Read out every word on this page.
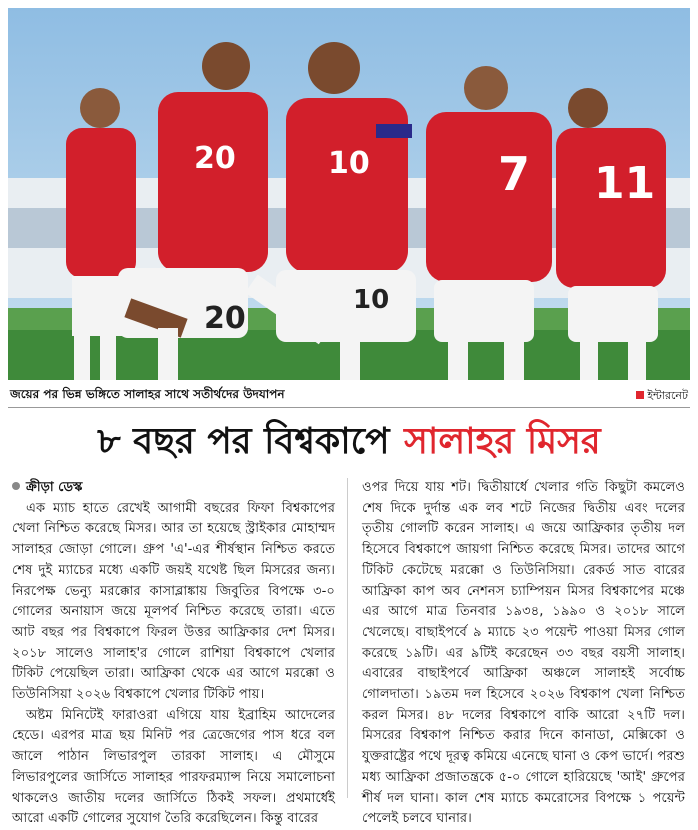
20
20
10
10
7 11
জয়ের পর ভিন্ন ভঙ্গিতে সালাহর সাথে সতীর্থদের উদযাপন	ইন্টারনেট
৮ বছর পর বিশ্বকাপে সালাহর মিসর
ক্রীড়া ডেস্ক

এক ম্যাচ হাতে রেখেই আগামী বছরের ফিফা বিশ্বকাপের খেলা নিশ্চিত করেছে মিসর। আর তা হয়েছে স্ট্রাইকার মোহাম্মদ সালাহর জোড়া গোলে। গ্রুপ 'এ'-এর শীর্ষস্থান নিশ্চিত করতে শেষ দুই ম্যাচের মধ্যে একটি জয়ই যথেষ্ট ছিল মিসরের জন্য। নিরপেক্ষ ভেন্যু মরক্কোর কাসাব্লাঙ্কায় জিবুতির বিপক্ষে ৩-০ গোলের অনায়াস জয়ে মূলপর্ব নিশ্চিত করেছে তারা। এতে আট বছর পর বিশ্বকাপে ফিরল উত্তর আফ্রিকার দেশ মিসর। ২০১৮ সালেও সালাহ'র গোলে রাশিয়া বিশ্বকাপে খেলার টিকিট পেয়েছিল তারা। আফ্রিকা থেকে এর আগে মরক্কো ও তিউনিসিয়া ২০২৬ বিশ্বকাপে খেলার টিকিট পায়।

অষ্টম মিনিটেই ফারাওরা এগিয়ে যায় ইব্রাহিম আদেলের হেডে। এরপর মাত্র ছয় মিনিট পর ত্রেজেগের পাস ধরে বল জালে পাঠান লিভারপুল তারকা সালাহ। এ মৌসুমে লিভারপুলের জার্সিতে সালাহর পারফরম্যান্স নিয়ে সমালোচনা থাকলেও জাতীয় দলের জার্সিতে ঠিকই সফল। প্রথমার্ধেই আরো একটি গোলের সুযোগ তৈরি করেছিলেন। কিন্তু বারের

ওপর দিয়ে যায় শট। দ্বিতীয়ার্ধে খেলার গতি কিছুটা কমলেও শেষ দিকে দুর্দান্ত এক লব শটে নিজের দ্বিতীয় এবং দলের তৃতীয় গোলটি করেন সালাহ। এ জয়ে আফ্রিকার তৃতীয় দল হিসেবে বিশ্বকাপে জায়গা নিশ্চিত করেছে মিসর। তাদের আগে টিকিট কেটেছে মরক্কো ও তিউনিসিয়া। রেকর্ড সাত বারের আফ্রিকা কাপ অব নেশনস চ্যাম্পিয়ন মিসর বিশ্বকাপের মঞ্চে এর আগে মাত্র তিনবার ১৯৩৪, ১৯৯০ ও ২০১৮ সালে খেলেছে। বাছাইপর্বে ৯ ম্যাচে ২৩ পয়েন্ট পাওয়া মিসর গোল করেছে ১৯টি। এর ৯টিই করেছেন ৩৩ বছর বয়সী সালাহ। এবারের বাছাইপর্বে আফ্রিকা অঞ্চলে সালাহই সর্বোচ্চ গোলদাতা। ১৯তম দল হিসেবে ২০২৬ বিশ্বকাপ খেলা নিশ্চিত করল মিসর। ৪৮ দলের বিশ্বকাপে বাকি আরো ২৭টি দল। মিসরের বিশ্বকাপ নিশ্চিত করার দিনে কানাডা, মেক্সিকো ও যুক্তরাষ্ট্রের পথে দূরত্ব কমিয়ে এনেছে ঘানা ও কেপ ভার্দে। পরশু মধ্য আফ্রিকা প্রজাতন্ত্রকে ৫-০ গোলে হারিয়েছে 'আই' গ্রুপের শীর্ষ দল ঘানা। কাল শেষ ম্যাচে কমরোসের বিপক্ষে ১ পয়েন্ট পেলেই চলবে ঘানার।
